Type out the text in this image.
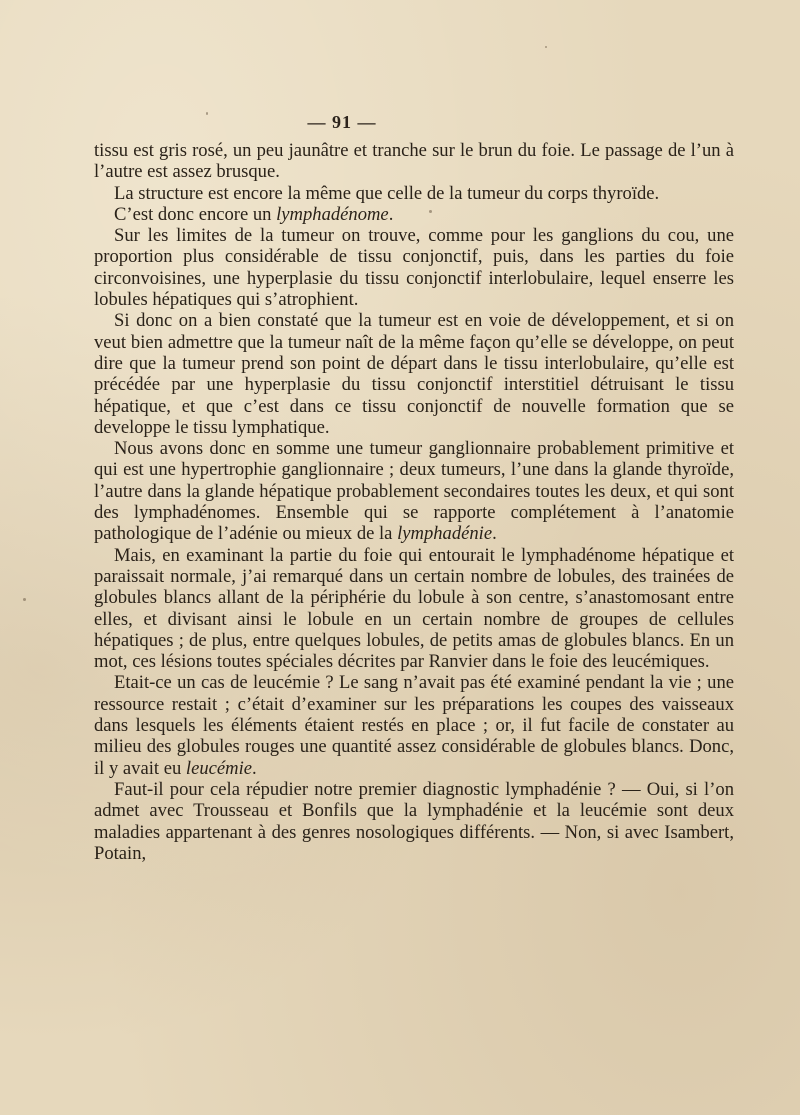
— 91 —

tissu est gris rosé, un peu jaunâtre et tranche sur le brun du foie. Le passage de l’un à l’autre est assez brusque.

La structure est encore la même que celle de la tumeur du corps thyroïde.

C’est donc encore un lymphadénome.

Sur les limites de la tumeur on trouve, comme pour les ganglions du cou, une proportion plus considérable de tissu conjonctif, puis, dans les parties du foie circonvoisines, une hyperplasie du tissu conjonctif interlobulaire, lequel enserre les lobules hépatiques qui s’atrophient.

Si donc on a bien constaté que la tumeur est en voie de développement, et si on veut bien admettre que la tumeur naît de la même façon qu’elle se développe, on peut dire que la tumeur prend son point de départ dans le tissu interlobulaire, qu’elle est précédée par une hyperplasie du tissu conjonctif interstitiel détruisant le tissu hépatique, et que c’est dans ce tissu conjonctif de nouvelle formation que se developpe le tissu lymphatique.

Nous avons donc en somme une tumeur ganglionnaire probablement primitive et qui est une hypertrophie ganglionnaire ; deux tumeurs, l’une dans la glande thyroïde, l’autre dans la glande hépatique probablement secondaires toutes les deux, et qui sont des lymphadénomes. Ensemble qui se rapporte complétement à l’anatomie pathologique de l’adénie ou mieux de la lymphadénie.

Mais, en examinant la partie du foie qui entourait le lymphadénome hépatique et paraissait normale, j’ai remarqué dans un certain nombre de lobules, des trainées de globules blancs allant de la périphérie du lobule à son centre, s’anastomosant entre elles, et divisant ainsi le lobule en un certain nombre de groupes de cellules hépatiques ; de plus, entre quelques lobules, de petits amas de globules blancs. En un mot, ces lésions toutes spéciales décrites par Ranvier dans le foie des leucémiques.

Etait-ce un cas de leucémie ? Le sang n’avait pas été examiné pendant la vie ; une ressource restait ; c’était d’examiner sur les préparations les coupes des vaisseaux dans lesquels les éléments étaient restés en place ; or, il fut facile de constater au milieu des globules rouges une quantité assez considérable de globules blancs. Donc, il y avait eu leucémie.

Faut-il pour cela répudier notre premier diagnostic lymphadénie ? — Oui, si l’on admet avec Trousseau et Bonfils que la lymphadénie et la leucémie sont deux maladies appartenant à des genres nosologiques différents. — Non, si avec Isambert, Potain,
